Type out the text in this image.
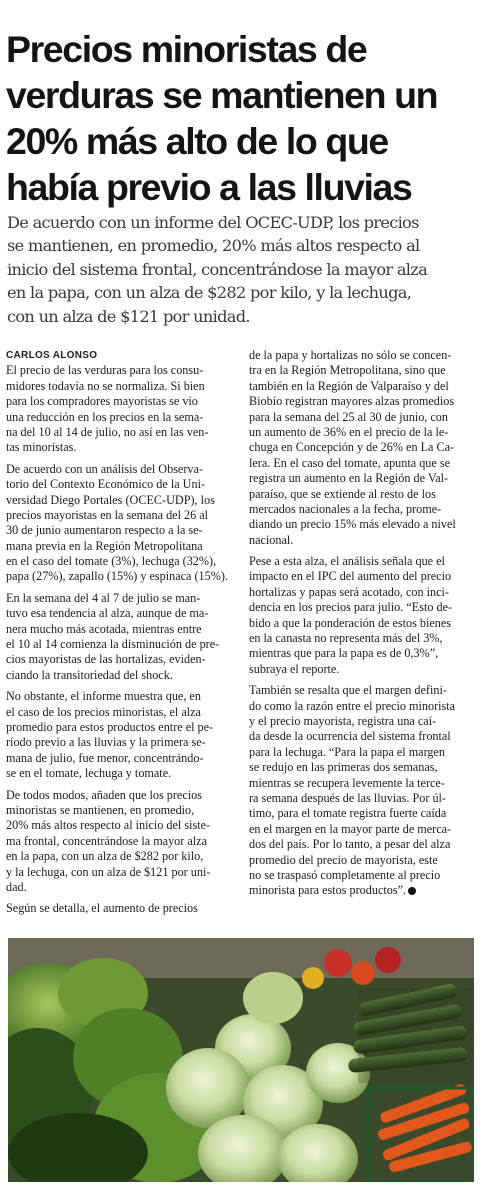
Precios minoristas de
verduras se mantienen un
20% más alto de lo que
había previo a las lluvias
De acuerdo con un informe del OCEC-UDP, los precios
se mantienen, en promedio, 20% más altos respecto al
inicio del sistema frontal, concentrándose la mayor alza
en la papa, con un alza de $282 por kilo, y la lechuga,
con un alza de $121 por unidad.
CARLOS ALONSO
El precio de las verduras para los consu-
midores todavía no se normaliza. Si bien
para los compradores mayoristas se vio
una reducción en los precios en la sema-
na del 10 al 14 de julio, no así en las ven-
tas minoristas.
De acuerdo con un análisis del Observa-
torio del Contexto Económico de la Uni-
versidad Diego Portales (OCEC-UDP), los
precios mayoristas en la semana del 26 al
30 de junio aumentaron respecto a la se-
mana previa en la Región Metropolitana
en el caso del tomate (3%), lechuga (32%),
papa (27%), zapallo (15%) y espinaca (15%).
En la semana del 4 al 7 de julio se man-
tuvo esa tendencia al alza, aunque de ma-
nera mucho más acotada, mientras entre
el 10 al 14 comienza la disminución de pre-
cios mayoristas de las hortalizas, eviden-
ciando la transitoriedad del shock.
No obstante, el informe muestra que, en
el caso de los precios minoristas, el alza
promedio para estos productos entre el pe-
ríodo previo a las lluvias y la primera se-
mana de julio, fue menor, concentrándo-
se en el tomate, lechuga y tomate.
De todos modos, añaden que los precios
minoristas se mantienen, en promedio,
20% más altos respecto al inicio del siste-
ma frontal, concentrándose la mayor alza
en la papa, con un alza de $282 por kilo,
y la lechuga, con un alza de $121 por uni-
dad.
Según se detalla, el aumento de precios
de la papa y hortalizas no sólo se concen-
tra en la Región Metropolitana, sino que
también en la Región de Valparaíso y del
Biobío registran mayores alzas promedios
para la semana del 25 al 30 de junio, con
un aumento de 36% en el precio de la le-
chuga en Concepción y de 26% en La Ca-
lera. En el caso del tomate, apunta que se
registra un aumento en la Región de Val-
paraíso, que se extiende al resto de los
mercados nacionales a la fecha, prome-
diando un precio 15% más elevado a nivel
nacional.
Pese a esta alza, el análisis señala que el
impacto en el IPC del aumento del precio
hortalizas y papas será acotado, con inci-
dencia en los precios para julio. “Esto de-
bido a que la ponderación de estos bienes
en la canasta no representa más del 3%,
mientras que para la papa es de 0,3%”,
subraya el reporte.
También se resalta que el margen defini-
do como la razón entre el precio minorista
y el precio mayorista, registra una caí-
da desde la ocurrencia del sistema frontal
para la lechuga. “Para la papa el margen
se redujo en las primeras dos semanas,
mientras se recupera levemente la terce-
ra semana después de las lluvias. Por úl-
timo, para el tomate registra fuerte caída
en el margen en la mayor parte de merca-
dos del país. Por lo tanto, a pesar del alza
promedio del precio de mayorista, este
no se traspasó completamente al precio
minorista para estos productos”.
